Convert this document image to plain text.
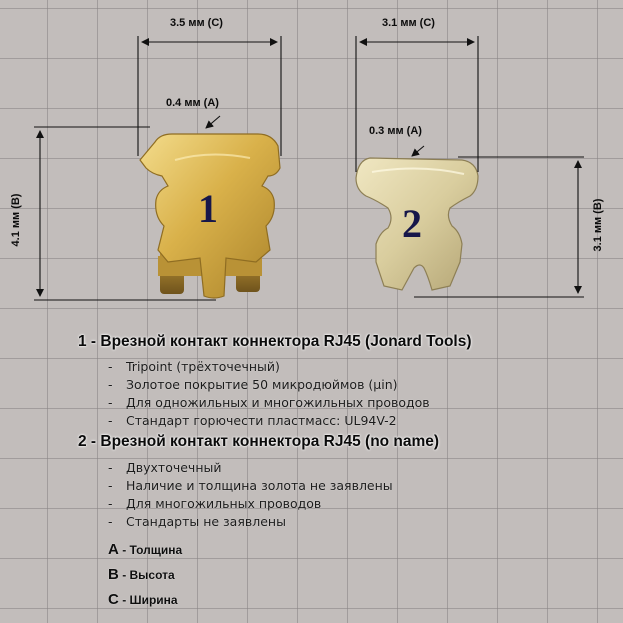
3.5 мм (C)
0.4 мм (A)
4.1 мм (B)
3.1 мм (C)
0.3 мм (A)
3.1 мм (B)
1	2
1 - Врезной контакт коннектора RJ45 (Jonard Tools)
- Tripoint (трёхточечный)
- Золотое покрытие 50 микродюймов (µin)
- Для одножильных и многожильных проводов
- Стандарт горючести пластмасс: UL94V-2
2 - Врезной контакт коннектора RJ45 (no name)
- Двухточечный
- Наличие и толщина золота не заявлены
- Для многожильных проводов
- Стандарты не заявлены
A - Толщина
B - Высота
C - Ширина
